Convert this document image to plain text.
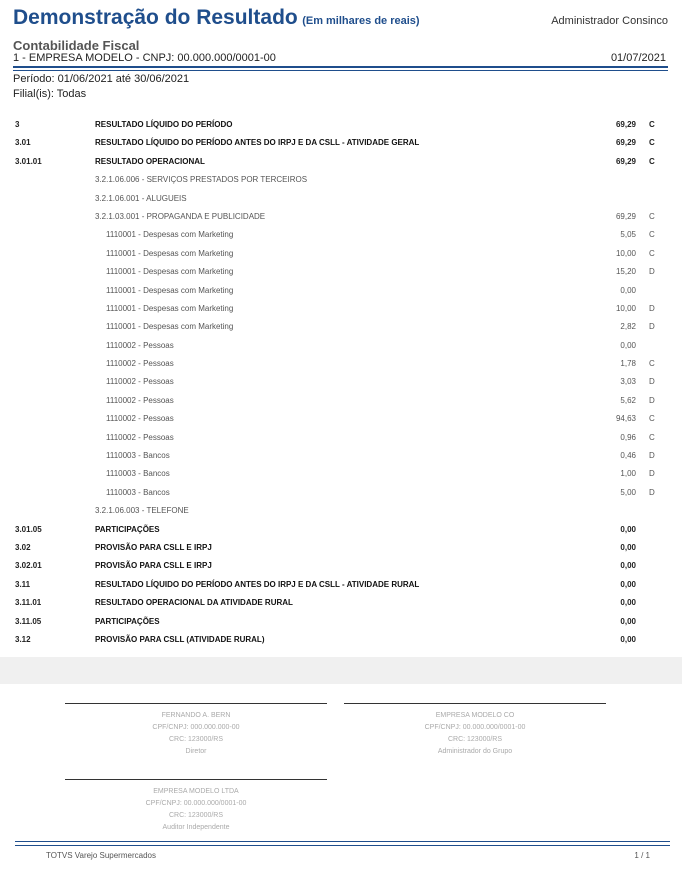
Demonstração do Resultado (Em milhares de reais)	Administrador Consinco
Contabilidade Fiscal
1 - EMPRESA MODELO - CNPJ: 00.000.000/0001-00	01/07/2021
Período: 01/06/2021 até 30/06/2021
Filial(is): Todas
3	RESULTADO LÍQUIDO DO PERÍODO	69,29 C
3.01	RESULTADO LÍQUIDO DO PERÍODO ANTES DO IRPJ E DA CSLL - ATIVIDADE GERAL	69,29 C
3.01.01	RESULTADO OPERACIONAL	69,29 C
3.2.1.06.006 - SERVIÇOS PRESTADOS POR TERCEIROS
3.2.1.06.001 - ALUGUEIS
3.2.1.03.001 - PROPAGANDA E PUBLICIDADE	69,29 C
1110001 - Despesas com Marketing	5,05 C
1110001 - Despesas com Marketing	10,00 C
1110001 - Despesas com Marketing	15,20 D
1110001 - Despesas com Marketing	0,00
1110001 - Despesas com Marketing	10,00 D
1110001 - Despesas com Marketing	2,82 D
1110002 - Pessoas	0,00
1110002 - Pessoas	1,78 C
1110002 - Pessoas	3,03 D
1110002 - Pessoas	5,62 D
1110002 - Pessoas	94,63 C
1110002 - Pessoas	0,96 C
1110003 - Bancos	0,46 D
1110003 - Bancos	1,00 D
1110003 - Bancos	5,00 D
3.2.1.06.003 - TELEFONE
3.01.05	PARTICIPAÇÕES	0,00
3.02	PROVISÃO PARA CSLL E IRPJ	0,00
3.02.01	PROVISÃO PARA CSLL E IRPJ	0,00
3.11	RESULTADO LÍQUIDO DO PERÍODO ANTES DO IRPJ E DA CSLL - ATIVIDADE RURAL	0,00
3.11.01	RESULTADO OPERACIONAL DA ATIVIDADE RURAL	0,00
3.11.05	PARTICIPAÇÕES	0,00
3.12	PROVISÃO PARA CSLL (ATIVIDADE RURAL)	0,00
FERNANDO A. BERN
CPF/CNPJ: 000.000.000-00
CRC: 123000/RS
Diretor
EMPRESA MODELO CO
CPF/CNPJ: 00.000.000/0001-00
CRC: 123000/RS
Administrador do Grupo
EMPRESA MODELO LTDA
CPF/CNPJ: 00.000.000/0001-00
CRC: 123000/RS
Auditor Independente
TOTVS Varejo Supermercados	1 / 1
